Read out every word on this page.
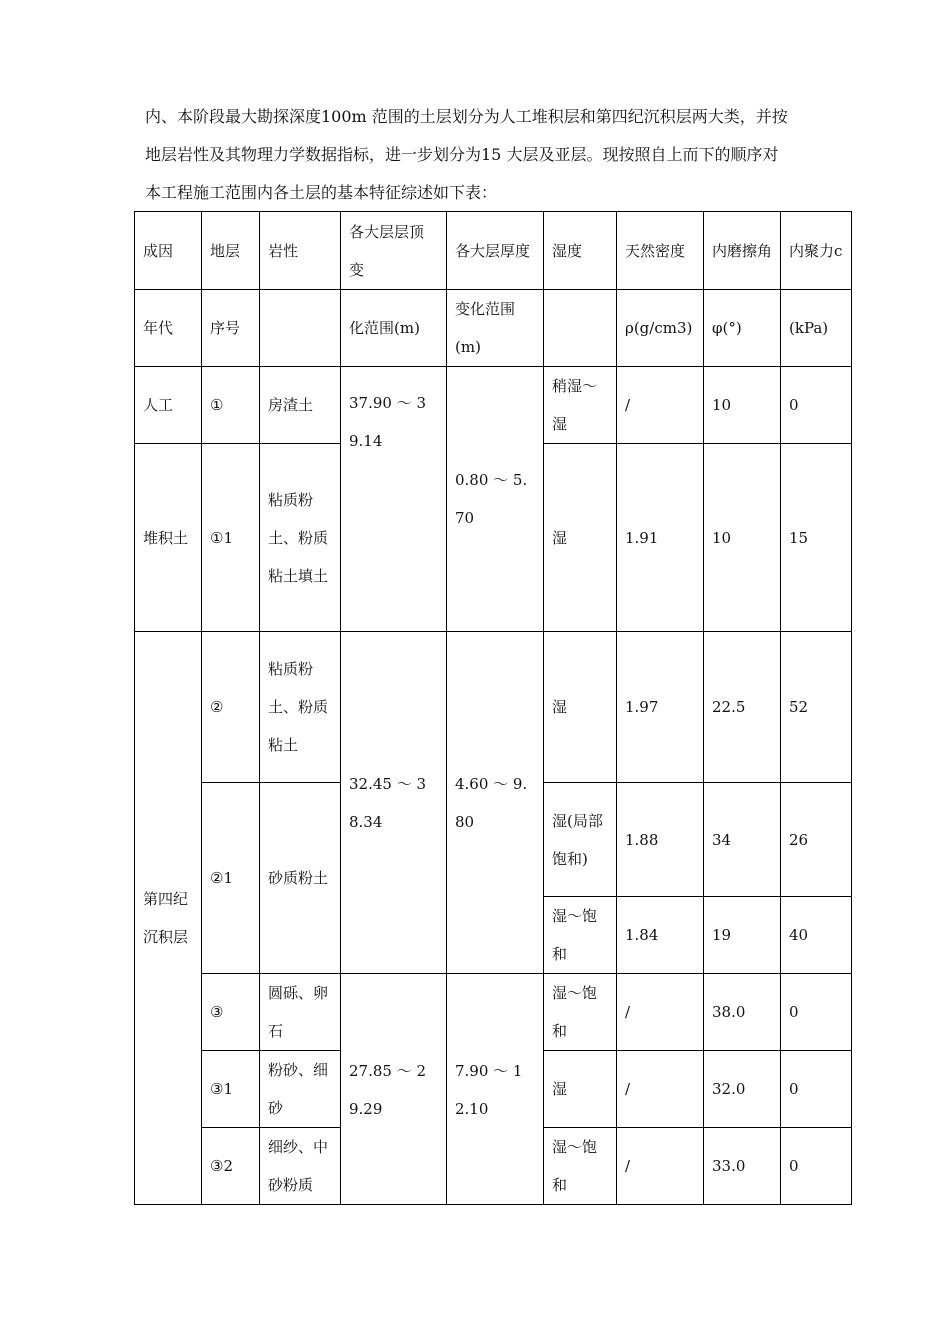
内、本阶段最大勘探深度100m 范围的土层划分为人工堆积层和第四纪沉积层两大类，并按
地层岩性及其物理力学数据指标，进一步划分为15 大层及亚层。现按照自上而下的顺序对
本工程施工范围内各土层的基本特征综述如下表：
成因	地层	岩性	各大层层顶变	各大层厚度	湿度	天然密度	内磨擦角	内聚力c
年代	序号		化范围(m)	变化范围(m)		ρ(g/cm3)	φ(°)	(kPa)
人工	①	房渣土	37.90 ～ 39.14	0.80 ～ 5.70	稍湿～湿	/	10	0
堆积土	①1	粘质粉土、粉质粘土填土			湿	1.91	10	15
第四纪沉积层	②	粘质粉土、粉质粘土	32.45 ～ 38.34	4.60 ～ 9.80	湿	1.97	22.5	52
	②1	砂质粉土			湿(局部饱和)	1.88	34	26
					湿～饱和	1.84	19	40
	③	圆砾、卵石	27.85 ～ 29.29	7.90 ～ 12.10	湿～饱和	/	38.0	0
	③1	粉砂、细砂			湿	/	32.0	0
	③2	细纱、中砂粉质			湿～饱和	/	33.0	0
